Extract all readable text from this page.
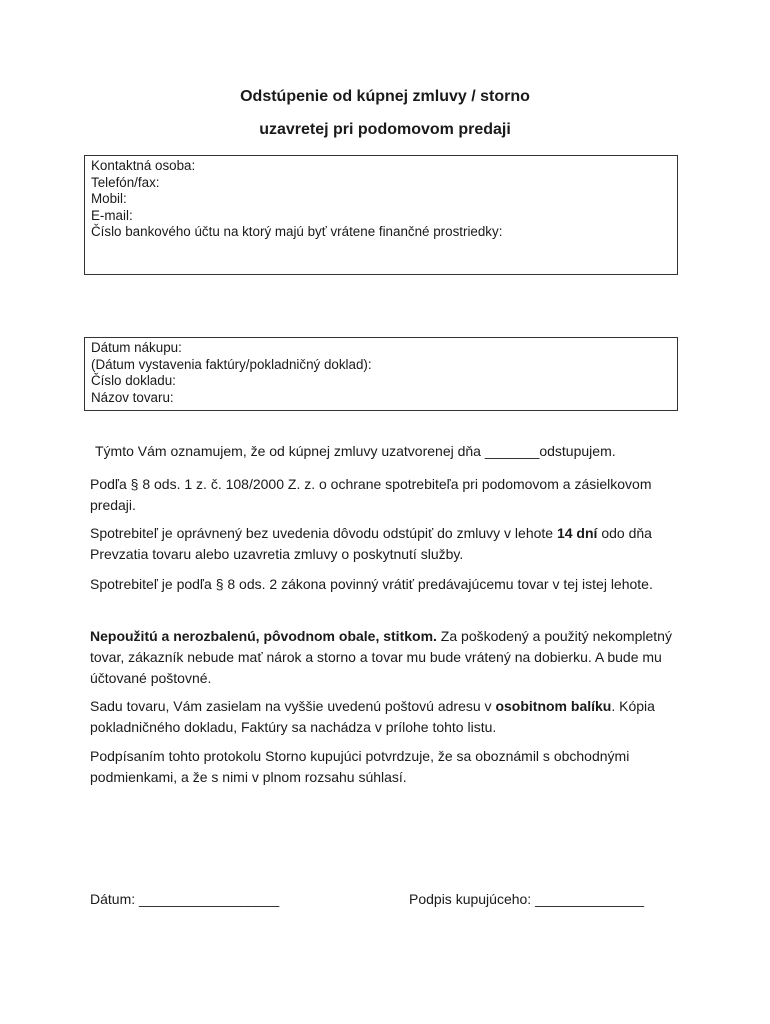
Odstúpenie od kúpnej zmluvy / storno
uzavretej pri podomovom predaji
Kontaktná osoba:
Telefón/fax:
Mobil:
E-mail:
Číslo bankového účtu na ktorý majú byť vrátene finančné prostriedky:
Dátum nákupu:
(Dátum vystavenia faktúry/pokladničný doklad):
Číslo dokladu:
Názov tovaru:
Týmto Vám oznamujem, že od kúpnej zmluvy uzatvorenej dňa _______odstupujem.
Podľa § 8 ods. 1 z. č. 108/2000 Z. z. o ochrane spotrebiteľa pri podomovom a zásielkovom predaji.
Spotrebiteľ je oprávnený bez uvedenia dôvodu odstúpiť do zmluvy v lehote 14 dní odo dňa Prevzatia tovaru alebo uzavretia zmluvy o poskytnutí služby.
Spotrebiteľ je podľa § 8 ods. 2 zákona povinný vrátiť predávajúcemu tovar v tej istej lehote.
Nepoužitú a nerozbalenú, pôvodnom obale, stitkom. Za poškodený a použitý nekompletný tovar, zákazník nebude mať nárok a storno a tovar mu bude vrátený na dobierku. A bude mu účtované poštovné.
Sadu tovaru, Vám zasielam na vyššie uvedenú poštovú adresu v osobitnom balíku. Kópia pokladničného dokladu, Faktúry sa nachádza v prílohe tohto listu.
Podpísaním tohto protokolu Storno kupujúci potvrdzuje, že sa oboznámil s obchodnými podmienkami, a že s nimi v plnom rozsahu súhlasí.
Dátum: __________________	Podpis kupujúceho: ______________
